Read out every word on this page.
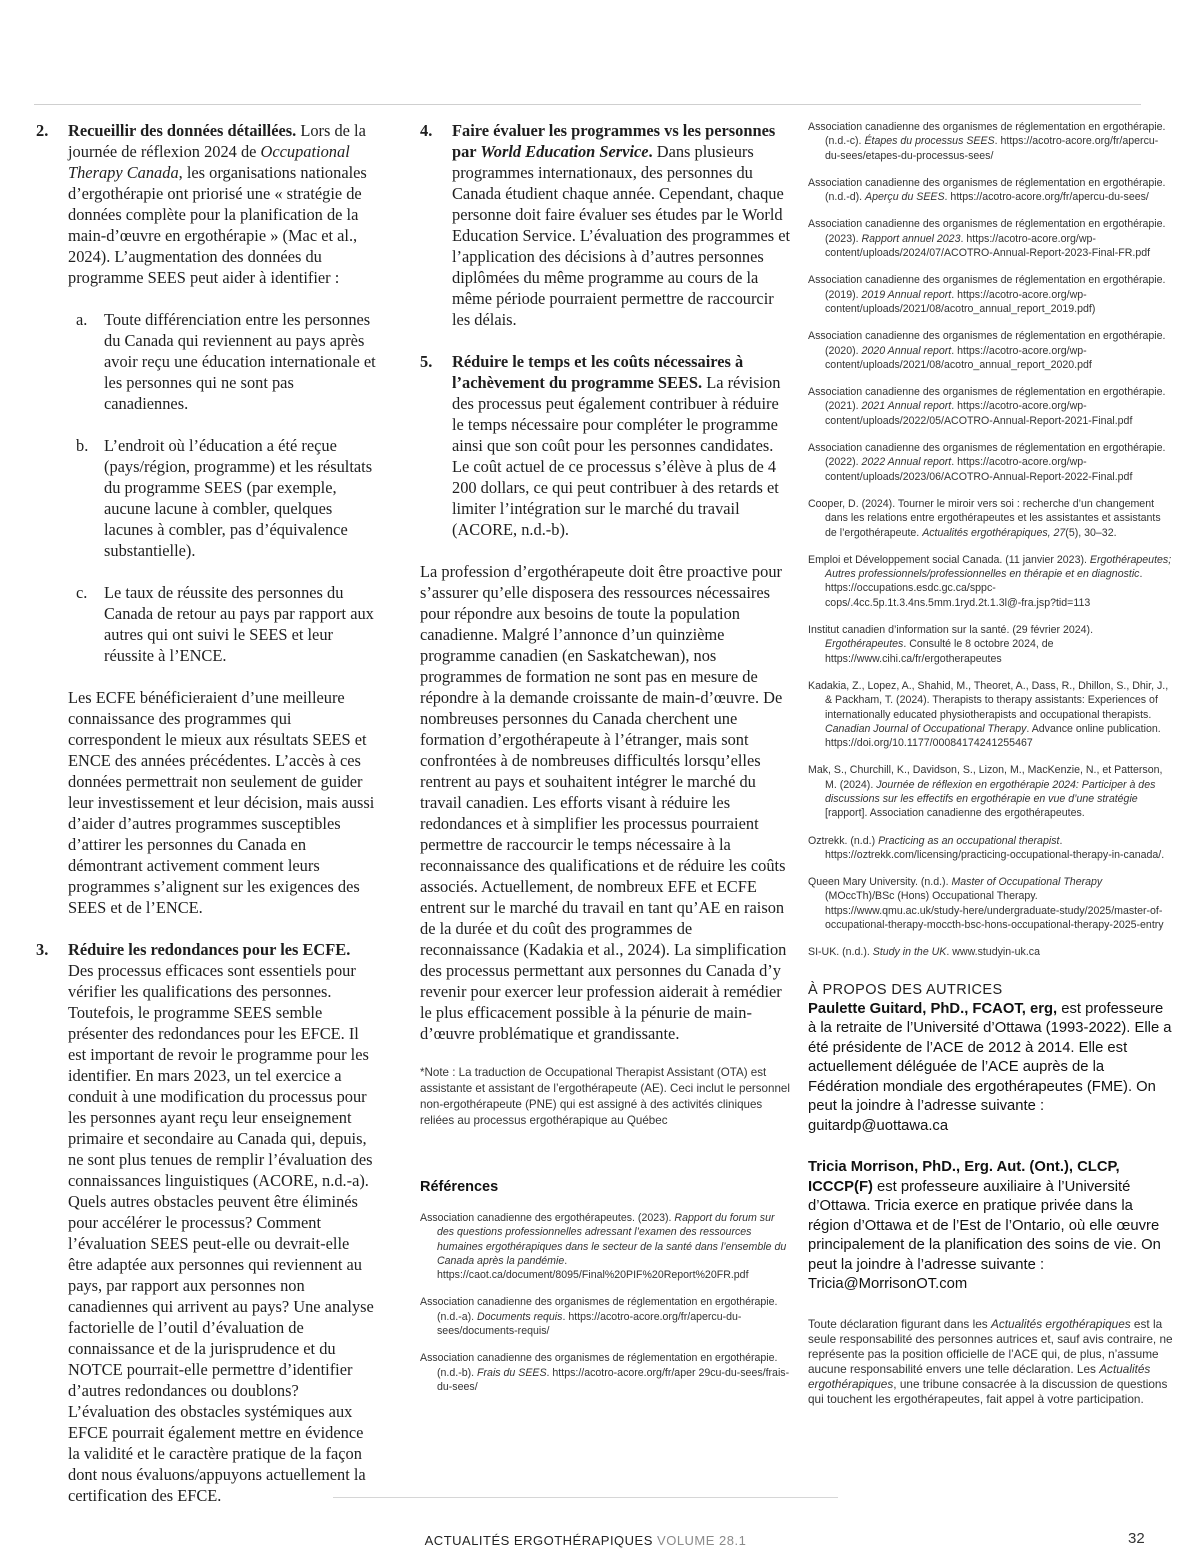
2. Recueillir des données détaillées. Lors de la journée de réflexion 2024 de Occupational Therapy Canada, les organisations nationales d’ergothérapie ont priorisé une « stratégie de données complète pour la planification de la main-d’œuvre en ergothérapie » (Mac et al., 2024). L’augmentation des données du programme SEES peut aider à identifier :
a. Toute différenciation entre les personnes du Canada qui reviennent au pays après avoir reçu une éducation internationale et les personnes qui ne sont pas canadiennes.
b. L’endroit où l’éducation a été reçue (pays/région, programme) et les résultats du programme SEES (par exemple, aucune lacune à combler, quelques lacunes à combler, pas d’équivalence substantielle).
c. Le taux de réussite des personnes du Canada de retour au pays par rapport aux autres qui ont suivi le SEES et leur réussite à l’ENCE.

Les ECFE bénéficieraient d’une meilleure connaissance des programmes qui correspondent le mieux aux résultats SEES et ENCE des années précédentes. L’accès à ces données permettrait non seulement de guider leur investissement et leur décision, mais aussi d’aider d’autres programmes susceptibles d’attirer les personnes du Canada en démontrant activement comment leurs programmes s’alignent sur les exigences des SEES et de l’ENCE.

3. Réduire les redondances pour les ECFE. Des processus efficaces sont essentiels pour vérifier les qualifications des personnes. Toutefois, le programme SEES semble présenter des redondances pour les EFCE. Il est important de revoir le programme pour les identifier. En mars 2023, un tel exercice a conduit à une modification du processus pour les personnes ayant reçu leur enseignement primaire et secondaire au Canada qui, depuis, ne sont plus tenues de remplir l’évaluation des connaissances linguistiques (ACORE, n.d.-a). Quels autres obstacles peuvent être éliminés pour accélérer le processus? Comment l’évaluation SEES peut-elle ou devrait-elle être adaptée aux personnes qui reviennent au pays, par rapport aux personnes non canadiennes qui arrivent au pays? Une analyse factorielle de l’outil d’évaluation de connaissance et de la jurisprudence et du NOTCE pourrait-elle permettre d’identifier d’autres redondances ou doublons? L’évaluation des obstacles systémiques aux EFCE pourrait également mettre en évidence la validité et le caractère pratique de la façon dont nous évaluons/appuyons actuellement la certification des EFCE.
4. Faire évaluer les programmes vs les personnes par World Education Service. Dans plusieurs programmes internationaux, des personnes du Canada étudient chaque année. Cependant, chaque personne doit faire évaluer ses études par le World Education Service. L’évaluation des programmes et l’application des décisions à d’autres personnes diplômées du même programme au cours de la même période pourraient permettre de raccourcir les délais.
5. Réduire le temps et les coûts nécessaires à l’achèvement du programme SEES. La révision des processus peut également contribuer à réduire le temps nécessaire pour compléter le programme ainsi que son coût pour les personnes candidates. Le coût actuel de ce processus s’élève à plus de 4 200 dollars, ce qui peut contribuer à des retards et limiter l’intégration sur le marché du travail (ACORE, n.d.-b).

La profession d’ergothérapeute doit être proactive pour s’assurer qu’elle disposera des ressources nécessaires pour répondre aux besoins de toute la population canadienne. Malgré l’annonce d’un quinzième programme canadien (en Saskatchewan), nos programmes de formation ne sont pas en mesure de répondre à la demande croissante de main-d’œuvre. De nombreuses personnes du Canada cherchent une formation d’ergothérapeute à l’étranger, mais sont confrontées à de nombreuses difficultés lorsqu’elles rentrent au pays et souhaitent intégrer le marché du travail canadien. Les efforts visant à réduire les redondances et à simplifier les processus pourraient permettre de raccourcir le temps nécessaire à la reconnaissance des qualifications et de réduire les coûts associés. Actuellement, de nombreux EFE et ECFE entrent sur le marché du travail en tant qu’AE en raison de la durée et du coût des programmes de reconnaissance (Kadakia et al., 2024). La simplification des processus permettant aux personnes du Canada d’y revenir pour exercer leur profession aiderait à remédier le plus efficacement possible à la pénurie de main-d’œuvre problématique et grandissante.

*Note : La traduction de Occupational Therapist Assistant (OTA) est assistante et assistant de l’ergothérapeute (AE). Ceci inclut le personnel non-ergothérapeute (PNE) qui est assigné à des activités cliniques reliées au processus ergothérapique au Québec

Références
Association canadienne des ergothérapeutes. (2023). Rapport du forum sur des questions professionnelles adressant l’examen des ressources humaines ergothérapiques dans le secteur de la santé dans l’ensemble du Canada après la pandémie. https://caot.ca/document/8095/Final%20PIF%20Report%20FR.pdf
Association canadienne des organismes de réglementation en ergothérapie. (n.d.-a). Documents requis. https://acotro-acore.org/fr/apercu-du-sees/documents-requis/
Association canadienne des organismes de réglementation en ergothérapie. (n.d.-b). Frais du SEES. https://acotro-acore.org/fr/aper 29cu-du-sees/frais-du-sees/
Association canadienne des organismes de réglementation en ergothérapie. (n.d.-c). Étapes du processus SEES. https://acotro-acore.org/fr/apercu-du-sees/etapes-du-processus-sees/
Association canadienne des organismes de réglementation en ergothérapie. (n.d.-d). Aperçu du SEES. https://acotro-acore.org/fr/apercu-du-sees/
Association canadienne des organismes de réglementation en ergothérapie. (2023). Rapport annuel 2023. https://acotro-acore.org/wp-content/uploads/2024/07/ACOTRO-Annual-Report-2023-Final-FR.pdf
Association canadienne des organismes de réglementation en ergothérapie. (2019). 2019 Annual report. https://acotro-acore.org/wp-content/uploads/2021/08/acotro_annual_report_2019.pdf)
Association canadienne des organismes de réglementation en ergothérapie. (2020). 2020 Annual report. https://acotro-acore.org/wp-content/uploads/2021/08/acotro_annual_report_2020.pdf
Association canadienne des organismes de réglementation en ergothérapie. (2021). 2021 Annual report. https://acotro-acore.org/wp-content/uploads/2022/05/ACOTRO-Annual-Report-2021-Final.pdf
Association canadienne des organismes de réglementation en ergothérapie. (2022). 2022 Annual report. https://acotro-acore.org/wp-content/uploads/2023/06/ACOTRO-Annual-Report-2022-Final.pdf
Cooper, D. (2024). Tourner le miroir vers soi : recherche d’un changement dans les relations entre ergothérapeutes et les assistantes et assistants de l’ergothérapeute. Actualités ergothérapiques, 27(5), 30–32.
Emploi et Développement social Canada. (11 janvier 2023). Ergothérapeutes; Autres professionnels/professionnelles en thérapie et en diagnostic. https://occupations.esdc.gc.ca/sppc-cops/.4cc.5p.1t.3.4ns.5mm.1ryd.2t.1.3l@-fra.jsp?tid=113
Institut canadien d’information sur la santé. (29 février 2024). Ergothérapeutes. Consulté le 8 octobre 2024, de https://www.cihi.ca/fr/ergotherapeutes
Kadakia, Z., Lopez, A., Shahid, M., Theoret, A., Dass, R., Dhillon, S., Dhir, J., & Packham, T. (2024). Therapists to therapy assistants: Experiences of internationally educated physiotherapists and occupational therapists. Canadian Journal of Occupational Therapy. Advance online publication. https://doi.org/10.1177/00084174241255467
Mak, S., Churchill, K., Davidson, S., Lizon, M., MacKenzie, N., et Patterson, M. (2024). Journée de réflexion en ergothérapie 2024: Participer à des discussions sur les effectifs en ergothérapie en vue d’une stratégie [rapport]. Association canadienne des ergothérapeutes.
Oztrekk. (n.d.) Practicing as an occupational therapist. https://oztrekk.com/licensing/practicing-occupational-therapy-in-canada/.
Queen Mary University. (n.d.). Master of Occupational Therapy (MOccTh)/BSc (Hons) Occupational Therapy. https://www.qmu.ac.uk/study-here/undergraduate-study/2025/master-of-occupational-therapy-moccth-bsc-hons-occupational-therapy-2025-entry
SI-UK. (n.d.). Study in the UK. www.studyin-uk.ca
À PROPOS DES AUTRICES

Paulette Guitard, PhD., FCAOT, erg, est professeure à la retraite de l’Université d’Ottawa (1993-2022). Elle a été présidente de l’ACE de 2012 à 2014. Elle est actuellement déléguée de l’ACE auprès de la Fédération mondiale des ergothérapeutes (FME). On peut la joindre à l’adresse suivante : guitardp@uottawa.ca

Tricia Morrison, PhD., Erg. Aut. (Ont.), CLCP, ICCCP(F) est professeure auxiliaire à l’Université d’Ottawa. Tricia exerce en pratique privée dans la région d’Ottawa et de l’Est de l’Ontario, où elle œuvre principalement de la planification des soins de vie. On peut la joindre à l’adresse suivante : Tricia@MorrisonOT.com

Toute déclaration figurant dans les Actualités ergothérapiques est la seule responsabilité des personnes autrices et, sauf avis contraire, ne représente pas la position officielle de l’ACE qui, de plus, n’assume aucune responsabilité envers une telle déclaration. Les Actualités ergothérapiques, une tribune consacrée à la discussion de questions qui touchent les ergothérapeutes, fait appel à votre participation.

ACTUALITÉS ERGOTHÉRAPIQUES VOLUME 28.1	32
